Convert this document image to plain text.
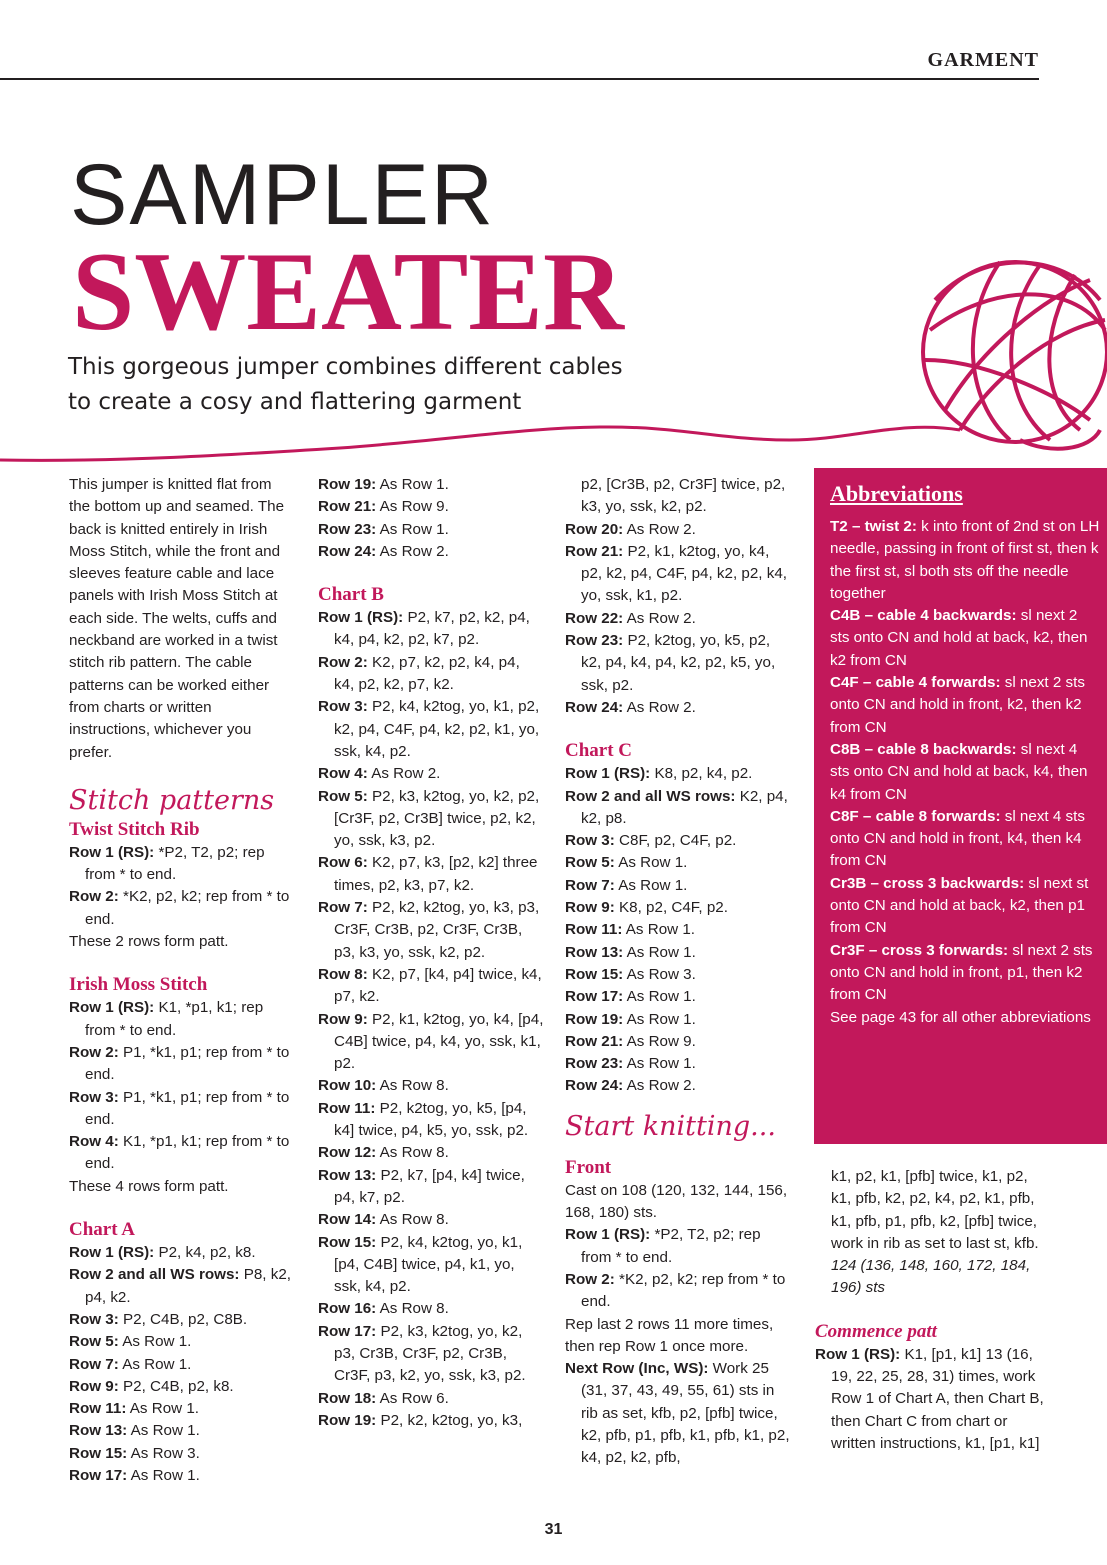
GARMENT
SAMPLER
SWEATER
This gorgeous jumper combines different cables
to create a cosy and flattering garment

This jumper is knitted flat from the bottom up and seamed. The back is knitted entirely in Irish Moss Stitch, while the front and sleeves feature cable and lace panels with Irish Moss Stitch at each side. The welts, cuffs and neckband are worked in a twist stitch rib pattern. The cable patterns can be worked either from charts or written instructions, whichever you prefer.

Stitch patterns

Twist Stitch Rib

Row 1 (RS): *P2, T2, p2; rep from * to end.

Row 2: *K2, p2, k2; rep from * to end.

These 2 rows form patt.

Irish Moss Stitch

Row 1 (RS): K1, *p1, k1; rep from * to end.

Row 2: P1, *k1, p1; rep from * to end.

Row 3: P1, *k1, p1; rep from * to end.

Row 4: K1, *p1, k1; rep from * to end.

These 4 rows form patt.

Chart A

Row 1 (RS): P2, k4, p2, k8.

Row 2 and all WS rows: P8, k2, p4, k2.

Row 3: P2, C4B, p2, C8B.

Row 5: As Row 1.

Row 7: As Row 1.

Row 9: P2, C4B, p2, k8.

Row 11: As Row 1.

Row 13: As Row 1.

Row 15: As Row 3.

Row 17: As Row 1.

Row 19: As Row 1.

Row 21: As Row 9.

Row 23: As Row 1.

Row 24: As Row 2.

Chart B

Row 1 (RS): P2, k7, p2, k2, p4, k4, p4, k2, p2, k7, p2.

Row 2: K2, p7, k2, p2, k4, p4, k4, p2, k2, p7, k2.

Row 3: P2, k4, k2tog, yo, k1, p2, k2, p4, C4F, p4, k2, p2, k1, yo, ssk, k4, p2.

Row 4: As Row 2.

Row 5: P2, k3, k2tog, yo, k2, p2, [Cr3F, p2, Cr3B] twice, p2, k2, yo, ssk, k3, p2.

Row 6: K2, p7, k3, [p2, k2] three times, p2, k3, p7, k2.

Row 7: P2, k2, k2tog, yo, k3, p3, Cr3F, Cr3B, p2, Cr3F, Cr3B, p3, k3, yo, ssk, k2, p2.

Row 8: K2, p7, [k4, p4] twice, k4, p7, k2.

Row 9: P2, k1, k2tog, yo, k4, [p4, C4B] twice, p4, k4, yo, ssk, k1, p2.

Row 10: As Row 8.

Row 11: P2, k2tog, yo, k5, [p4, k4] twice, p4, k5, yo, ssk, p2.

Row 12: As Row 8.

Row 13: P2, k7, [p4, k4] twice, p4, k7, p2.

Row 14: As Row 8.

Row 15: P2, k4, k2tog, yo, k1, [p4, C4B] twice, p4, k1, yo, ssk, k4, p2.

Row 16: As Row 8.

Row 17: P2, k3, k2tog, yo, k2, p3, Cr3B, Cr3F, p2, Cr3B, Cr3F, p3, k2, yo, ssk, k3, p2.

Row 18: As Row 6.

Row 19: P2, k2, k2tog, yo, k3,

p2, [Cr3B, p2, Cr3F] twice, p2, k3, yo, ssk, k2, p2.

Row 20: As Row 2.

Row 21: P2, k1, k2tog, yo, k4, p2, k2, p4, C4F, p4, k2, p2, k4, yo, ssk, k1, p2.

Row 22: As Row 2.

Row 23: P2, k2tog, yo, k5, p2, k2, p4, k4, p4, k2, p2, k5, yo, ssk, p2.

Row 24: As Row 2.

Chart C

Row 1 (RS): K8, p2, k4, p2.

Row 2 and all WS rows: K2, p4, k2, p8.

Row 3: C8F, p2, C4F, p2.

Row 5: As Row 1.

Row 7: As Row 1.

Row 9: K8, p2, C4F, p2.

Row 11: As Row 1.

Row 13: As Row 1.

Row 15: As Row 3.

Row 17: As Row 1.

Row 19: As Row 1.

Row 21: As Row 9.

Row 23: As Row 1.

Row 24: As Row 2.

Start knitting...

Front

Cast on 108 (120, 132, 144, 156, 168, 180) sts.

Row 1 (RS): *P2, T2, p2; rep from * to end.

Row 2: *K2, p2, k2; rep from * to end.

Rep last 2 rows 11 more times, then rep Row 1 once more.

Next Row (Inc, WS): Work 25 (31, 37, 43, 49, 55, 61) sts in rib as set, kfb, p2, [pfb] twice, k2, pfb, p1, pfb, k1, pfb, k1, p2, k4, p2, k2, pfb,

Abbreviations

T2 – twist 2: k into front of 2nd st on LH needle, passing in front of first st, then k the first st, sl both sts off the needle together

C4B – cable 4 backwards: sl next 2 sts onto CN and hold at back, k2, then k2 from CN

C4F – cable 4 forwards: sl next 2 sts onto CN and hold in front, k2, then k2 from CN

C8B – cable 8 backwards: sl next 4 sts onto CN and hold at back, k4, then k4 from CN

C8F – cable 8 forwards: sl next 4 sts onto CN and hold in front, k4, then k4 from CN

Cr3B – cross 3 backwards: sl next st onto CN and hold at back, k2, then p1 from CN

Cr3F – cross 3 forwards: sl next 2 sts onto CN and hold in front, p1, then k2 from CN

See page 43 for all other abbreviations

k1, p2, k1, [pfb] twice, k1, p2, k1, pfb, k2, p2, k4, p2, k1, pfb, k1, pfb, p1, pfb, k2, [pfb] twice, work in rib as set to last st, kfb. 124 (136, 148, 160, 172, 184, 196) sts

Commence patt

Row 1 (RS): K1, [p1, k1] 13 (16, 19, 22, 25, 28, 31) times, work Row 1 of Chart A, then Chart B, then Chart C from chart or written instructions, k1, [p1, k1]

31
